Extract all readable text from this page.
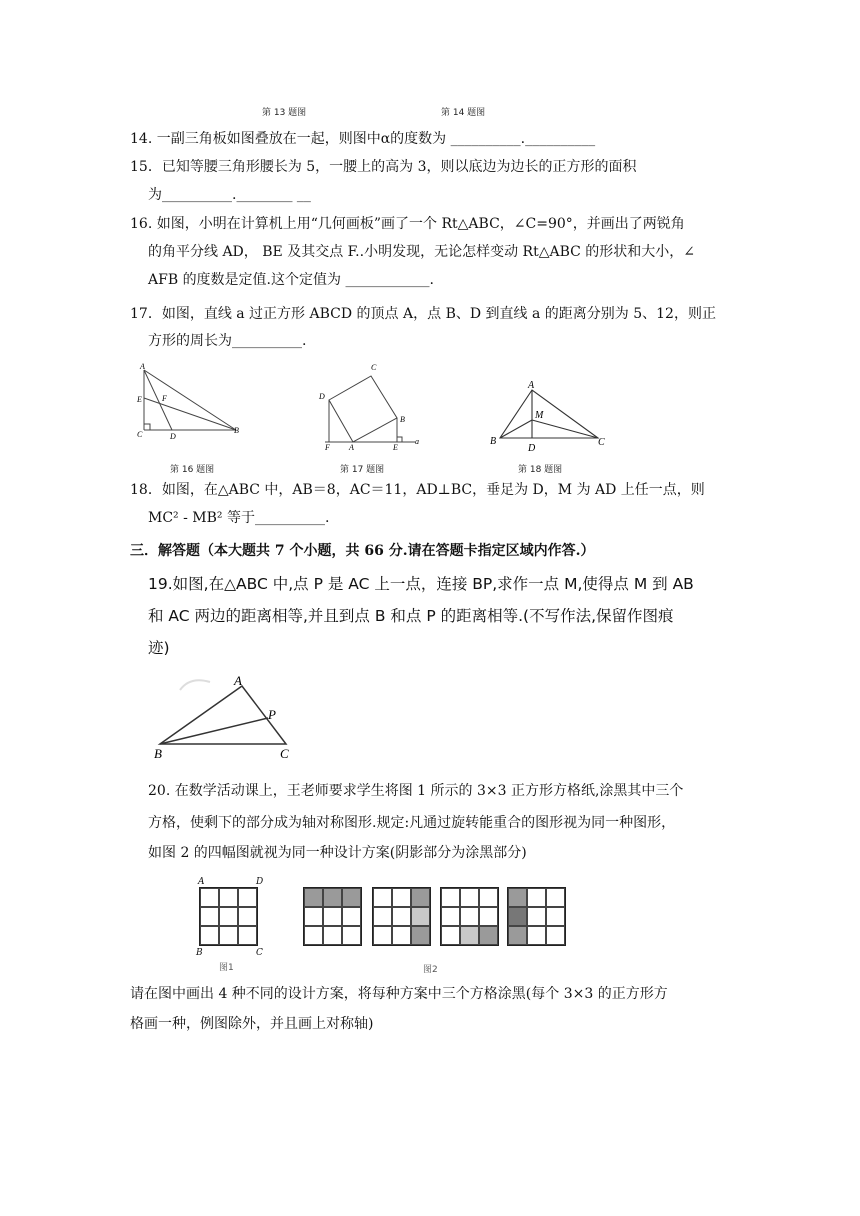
第 13 题图	第 14 题图
14. 一副三角板如图叠放在一起，则图中α的度数为 __________.__________
15．已知等腰三角形腰长为 5，一腰上的高为 3，则以底边为边长的正方形的面积
为__________.________ __
16. 如图，小明在计算机上用“几何画板”画了一个 Rt△ABC，∠C=90°，并画出了两锐角
的角平分线 AD， BE 及其交点 F..小明发现，无论怎样变动 Rt△ABC 的形状和大小，∠
AFB 的度数是定值.这个定值为 ____________.
17．如图，直线 a 过正方形 ABCD 的顶点 A，点 B、D 到直线 a 的距离分别为 5、12，则正
方形的周长为__________.
A
E	F
C	D
B
第 16 题图
C
D
B
F A	E
a
第 17 题图
A
M
B
D
C
第 18 题图
18．如图，在△ABC 中，AB＝8，AC＝11，AD⊥BC，垂足为 D，M 为 AD 上任一点，则
MC² - MB² 等于__________.
三．解答题（本大题共 7 个小题，共 66 分.请在答题卡指定区域内作答.）
19.如图,在△ABC 中,点 P 是 AC 上一点，连接 BP,求作一点 M,使得点 M 到 AB
和 AC 两边的距离相等,并且到点 B 和点 P 的距离相等.(不写作法,保留作图痕
迹)
A
P
B	C
20. 在数学活动课上，王老师要求学生将图 1 所示的 3×3 正方形方格纸,涂黑其中三个
方格，使剩下的部分成为轴对称图形.规定:凡通过旋转能重合的图形视为同一种图形，
如图 2 的四幅图就视为同一种设计方案(阴影部分为涂黑部分)
A	D
B	C
图1	图2
请在图中画出 4 种不同的设计方案，将每种方案中三个方格涂黑(每个 3×3 的正方形方
格画一种，例图除外，并且画上对称轴)
